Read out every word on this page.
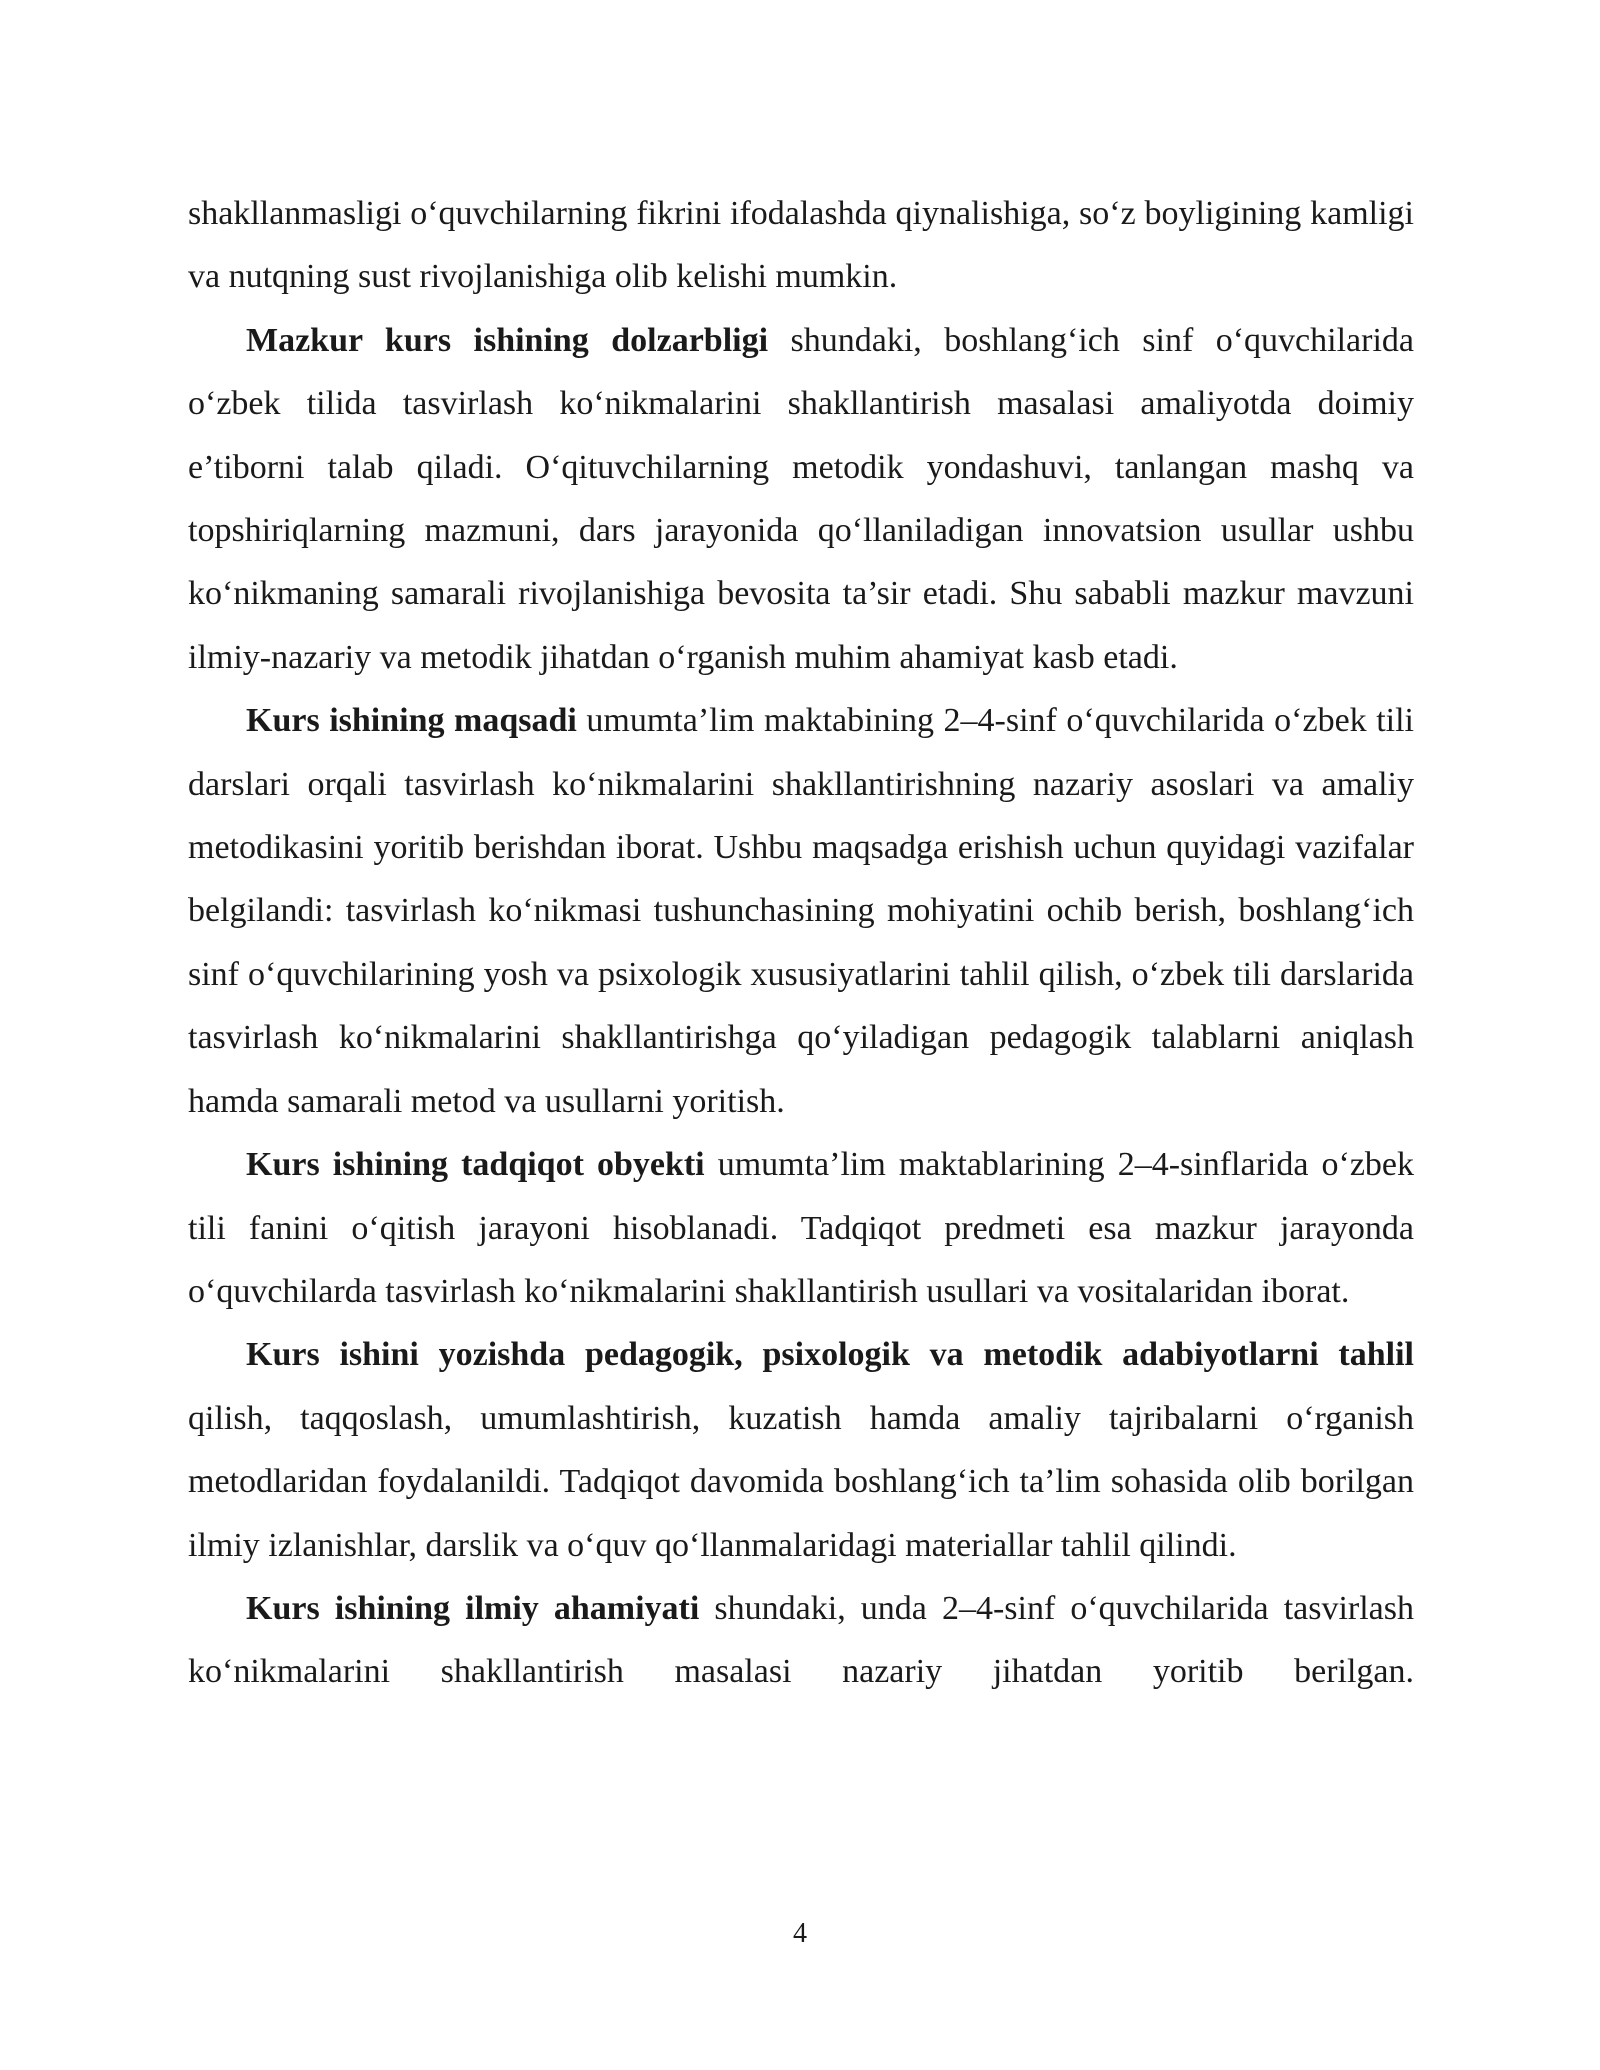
shakllanmasligi o‘quvchilarning fikrini ifodalashda qiynalishiga, so‘z boyligining kamligi va nutqning sust rivojlanishiga olib kelishi mumkin.

Mazkur kurs ishining dolzarbligi shundaki, boshlang‘ich sinf o‘quvchilarida o‘zbek tilida tasvirlash ko‘nikmalarini shakllantirish masalasi amaliyotda doimiy e’tiborni talab qiladi. O‘qituvchilarning metodik yondashuvi, tanlangan mashq va topshiriqlarning mazmuni, dars jarayonida qo‘llaniladigan innovatsion usullar ushbu ko‘nikmaning samarali rivojlanishiga bevosita ta’sir etadi. Shu sababli mazkur mavzuni ilmiy-nazariy va metodik jihatdan o‘rganish muhim ahamiyat kasb etadi.

Kurs ishining maqsadi umumta’lim maktabining 2–4-sinf o‘quvchilarida o‘zbek tili darslari orqali tasvirlash ko‘nikmalarini shakllantirishning nazariy asoslari va amaliy metodikasini yoritib berishdan iborat. Ushbu maqsadga erishish uchun quyidagi vazifalar belgilandi: tasvirlash ko‘nikmasi tushunchasining mohiyatini ochib berish, boshlang‘ich sinf o‘quvchilarining yosh va psixologik xususiyatlarini tahlil qilish, o‘zbek tili darslarida tasvirlash ko‘nikmalarini shakllantirishga qo‘yiladigan pedagogik talablarni aniqlash hamda samarali metod va usullarni yoritish.

Kurs ishining tadqiqot obyekti umumta’lim maktablarining 2–4-sinflarida o‘zbek tili fanini o‘qitish jarayoni hisoblanadi. Tadqiqot predmeti esa mazkur jarayonda o‘quvchilarda tasvirlash ko‘nikmalarini shakllantirish usullari va vositalaridan iborat.

Kurs ishini yozishda pedagogik, psixologik va metodik adabiyotlarni tahlil qilish, taqqoslash, umumlashtirish, kuzatish hamda amaliy tajribalarni o‘rganish metodlaridan foydalanildi. Tadqiqot davomida boshlang‘ich ta’lim sohasida olib borilgan ilmiy izlanishlar, darslik va o‘quv qo‘llanmalaridagi materiallar tahlil qilindi.

Kurs ishining ilmiy ahamiyati shundaki, unda 2–4-sinf o‘quvchilarida tasvirlash ko‘nikmalarini shakllantirish masalasi nazariy jihatdan yoritib berilgan.

4
